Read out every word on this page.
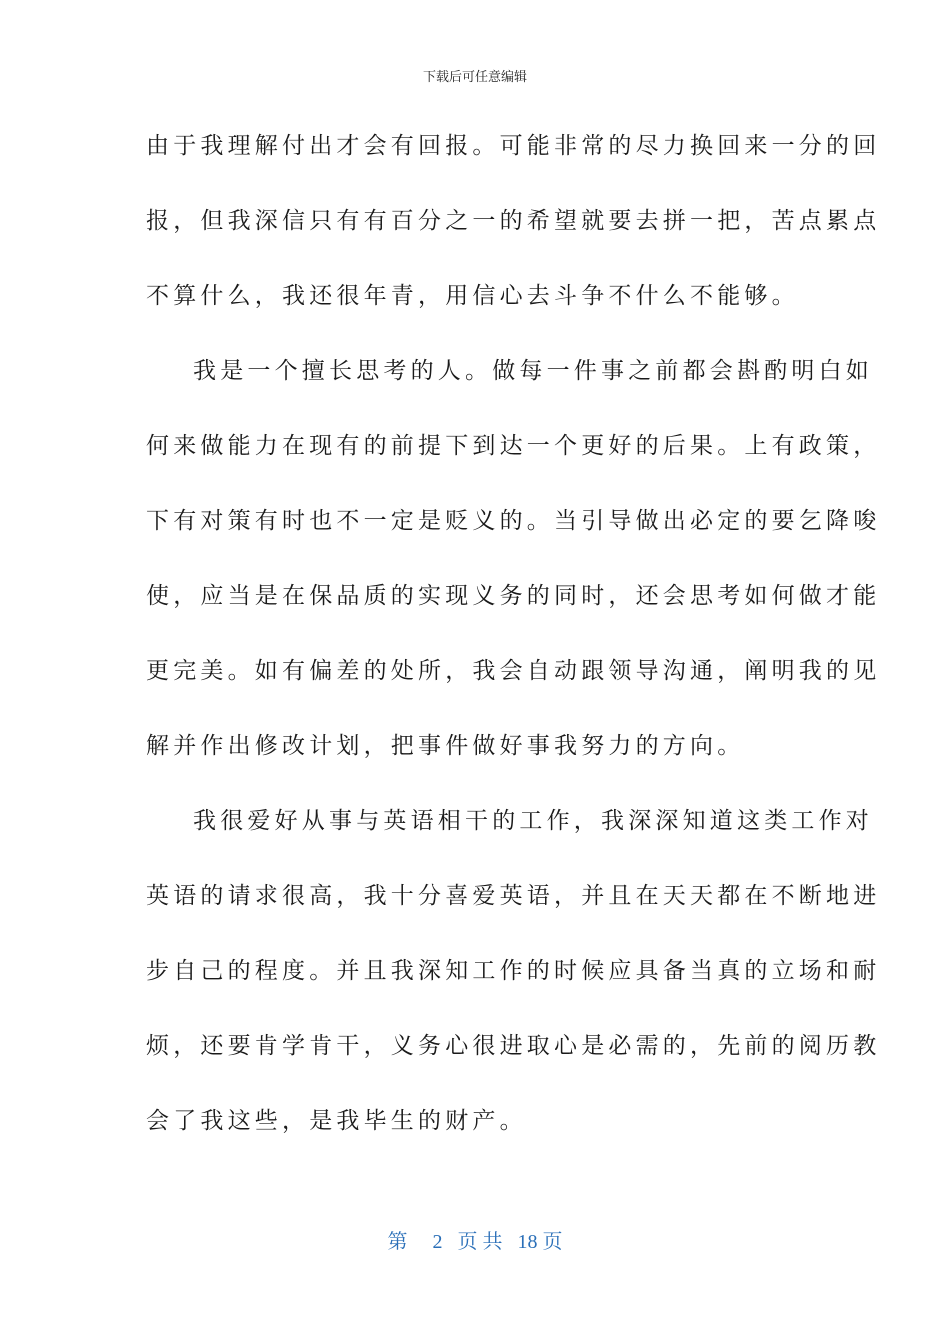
下载后可任意编辑
由于我理解付出才会有回报。可能非常的尽力换回来一分的回
报，但我深信只有有百分之一的希望就要去拼一把，苦点累点
不算什么，我还很年青，用信心去斗争不什么不能够。
我是一个擅长思考的人。做每一件事之前都会斟酌明白如
何来做能力在现有的前提下到达一个更好的后果。上有政策，
下有对策有时也不一定是贬义的。当引导做出必定的要乞降唆
使，应当是在保品质的实现义务的同时，还会思考如何做才能
更完美。如有偏差的处所，我会自动跟领导沟通，阐明我的见
解并作出修改计划，把事件做好事我努力的方向。
我很爱好从事与英语相干的工作，我深深知道这类工作对
英语的请求很高，我十分喜爱英语，并且在天天都在不断地进
步自己的程度。并且我深知工作的时候应具备当真的立场和耐
烦，还要肯学肯干，义务心很进取心是必需的，先前的阅历教
会了我这些，是我毕生的财产。
第 2 页 共 18 页
